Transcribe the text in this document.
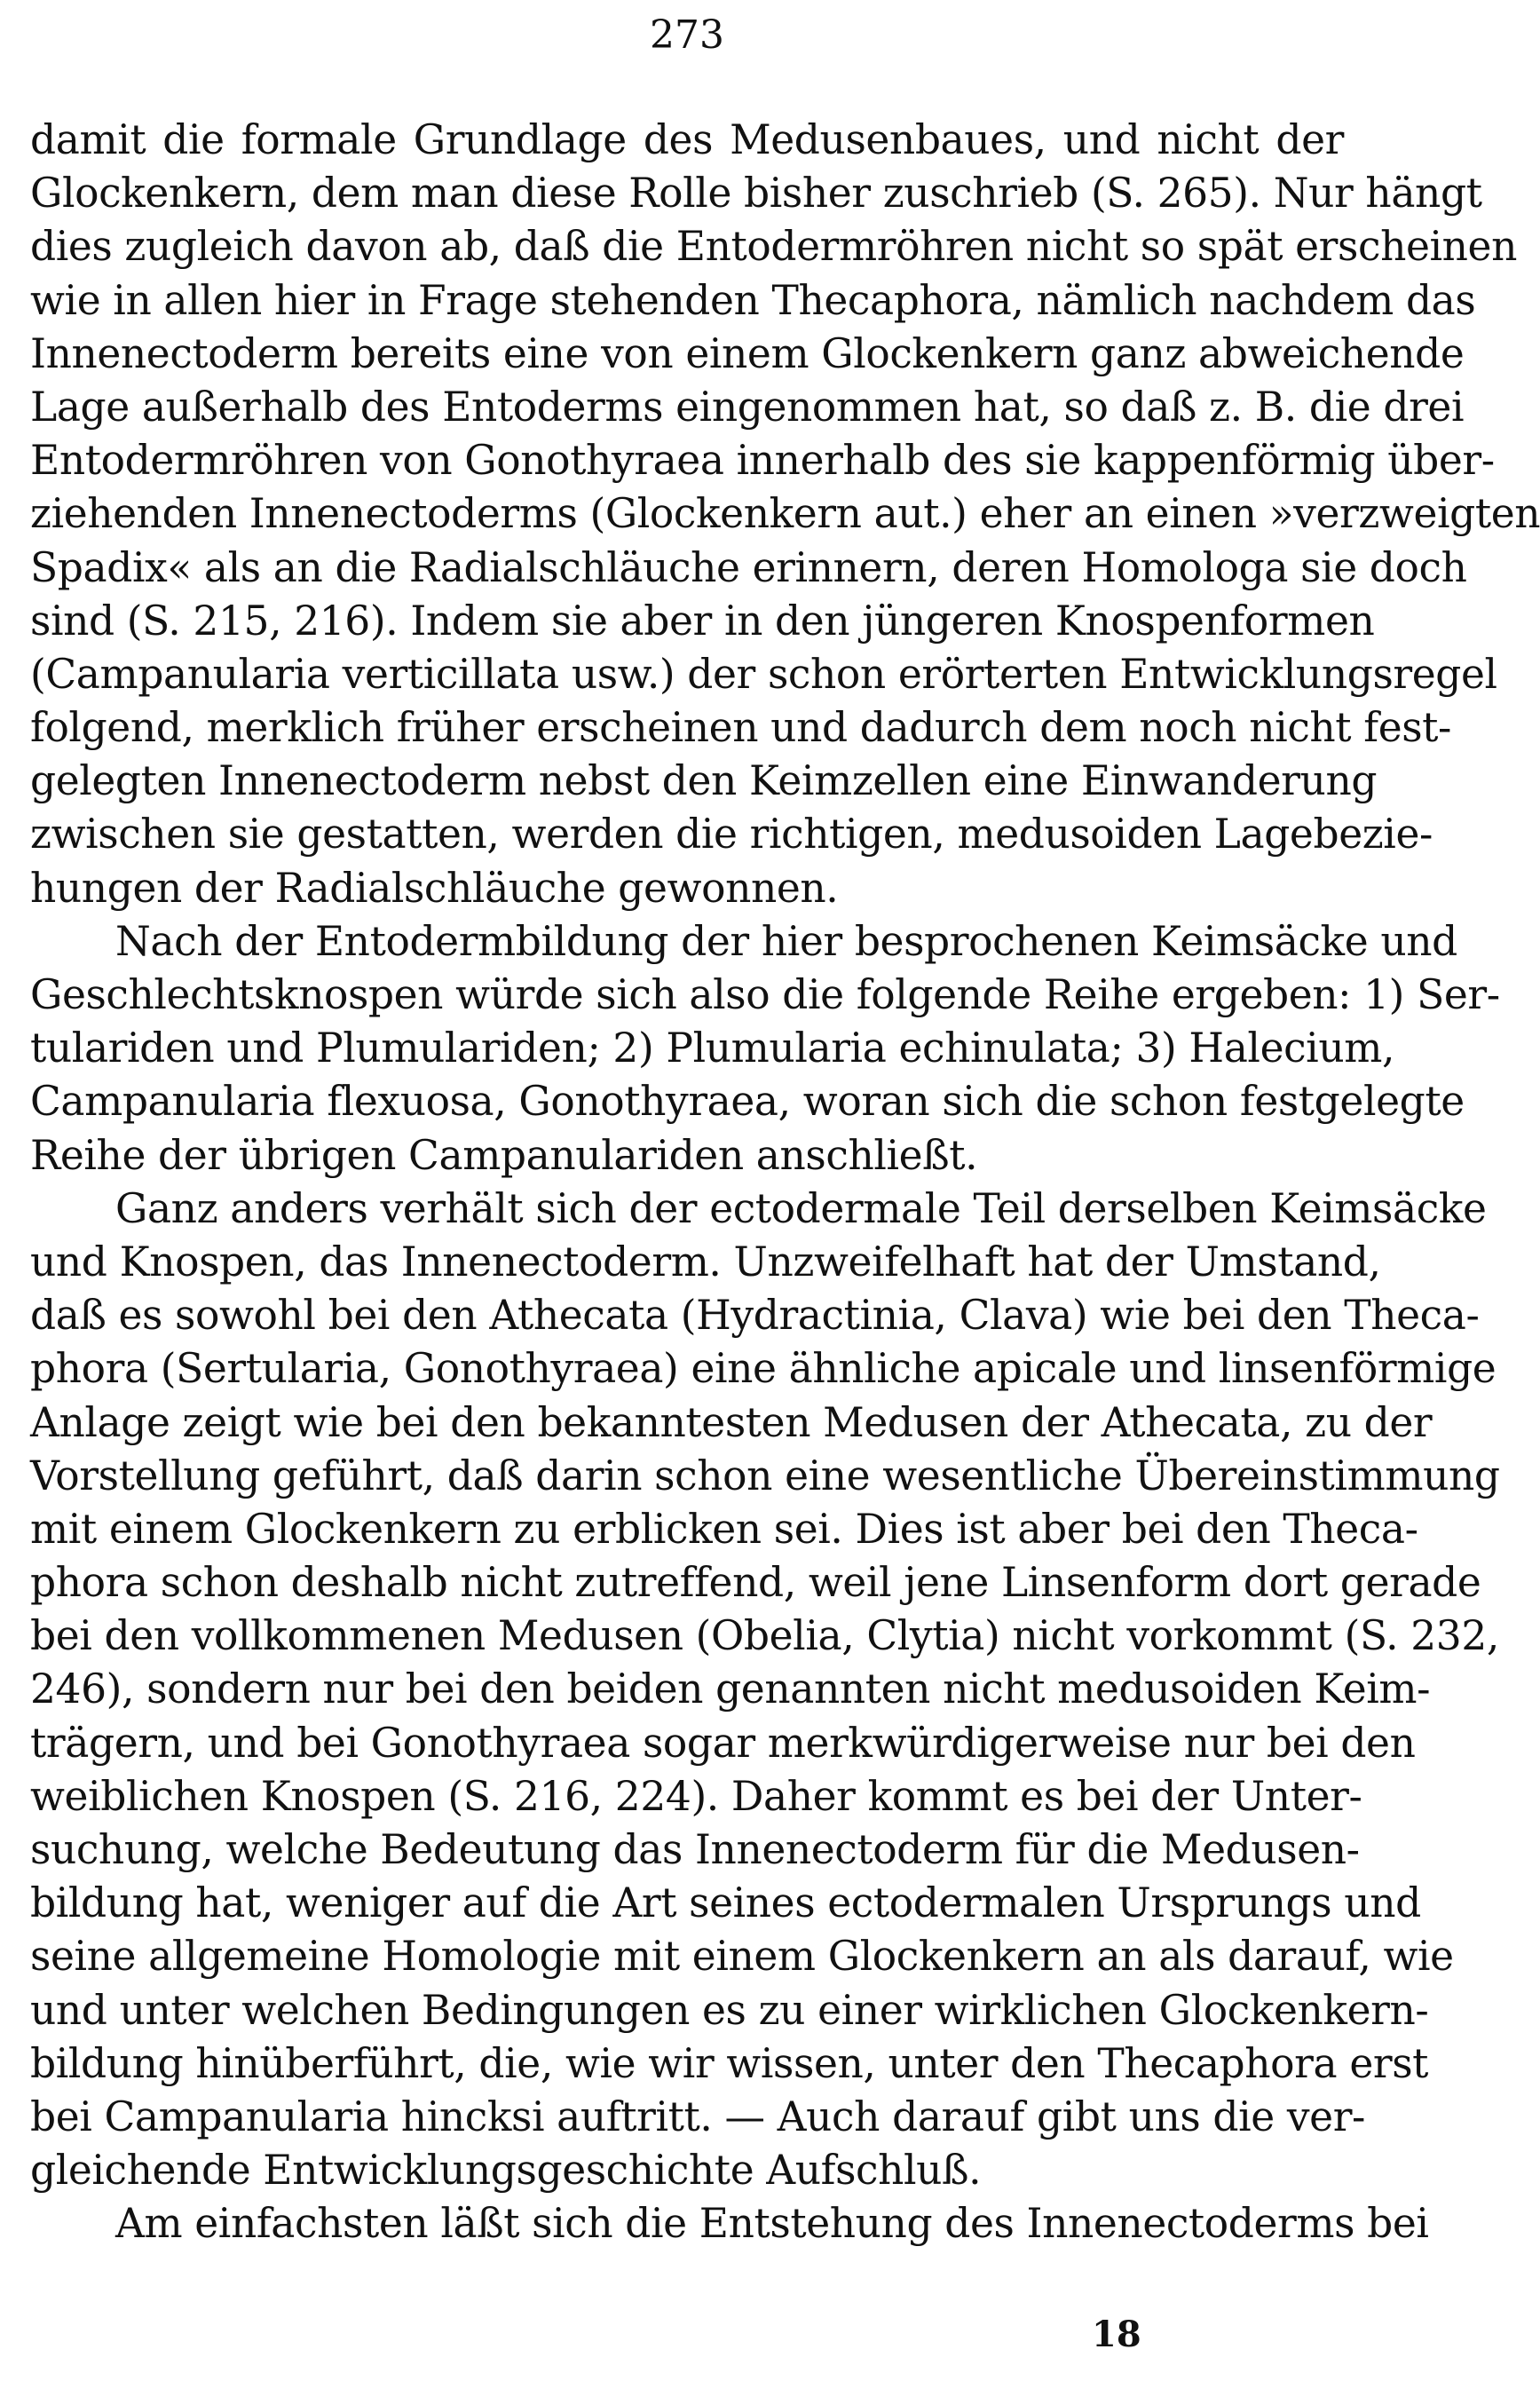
273
damit die formale Grundlage des Medusenbaues, und nicht der
Glockenkern, dem man diese Rolle bisher zuschrieb (S. 265). Nur hängt
dies zugleich davon ab, daß die Entodermröhren nicht so spät erscheinen
wie in allen hier in Frage stehenden Thecaphora, nämlich nachdem das
Innenectoderm bereits eine von einem Glockenkern ganz abweichende
Lage außerhalb des Entoderms eingenommen hat, so daß z. B. die drei
Entodermröhren von Gonothyraea innerhalb des sie kappenförmig über-
ziehenden Innenectoderms (Glockenkern aut.) eher an einen »verzweigten
Spadix« als an die Radialschläuche erinnern, deren Homologa sie doch
sind (S. 215, 216). Indem sie aber in den jüngeren Knospenformen
(Campanularia verticillata usw.) der schon erörterten Entwicklungsregel
folgend, merklich früher erscheinen und dadurch dem noch nicht fest-
gelegten Innenectoderm nebst den Keimzellen eine Einwanderung
zwischen sie gestatten, werden die richtigen, medusoiden Lagebezie-
hungen der Radialschläuche gewonnen.
Nach der Entodermbildung der hier besprochenen Keimsäcke und
Geschlechtsknospen würde sich also die folgende Reihe ergeben: 1) Ser-
tulariden und Plumulariden; 2) Plumularia echinulata; 3) Halecium,
Campanularia flexuosa, Gonothyraea, woran sich die schon festgelegte
Reihe der übrigen Campanulariden anschließt.
Ganz anders verhält sich der ectodermale Teil derselben Keimsäcke
und Knospen, das Innenectoderm. Unzweifelhaft hat der Umstand,
daß es sowohl bei den Athecata (Hydractinia, Clava) wie bei den Theca-
phora (Sertularia, Gonothyraea) eine ähnliche apicale und linsenförmige
Anlage zeigt wie bei den bekanntesten Medusen der Athecata, zu der
Vorstellung geführt, daß darin schon eine wesentliche Übereinstimmung
mit einem Glockenkern zu erblicken sei. Dies ist aber bei den Theca-
phora schon deshalb nicht zutreffend, weil jene Linsenform dort gerade
bei den vollkommenen Medusen (Obelia, Clytia) nicht vorkommt (S. 232,
246), sondern nur bei den beiden genannten nicht medusoiden Keim-
trägern, und bei Gonothyraea sogar merkwürdigerweise nur bei den
weiblichen Knospen (S. 216, 224). Daher kommt es bei der Unter-
suchung, welche Bedeutung das Innenectoderm für die Medusen-
bildung hat, weniger auf die Art seines ectodermalen Ursprungs und
seine allgemeine Homologie mit einem Glockenkern an als darauf, wie
und unter welchen Bedingungen es zu einer wirklichen Glockenkern-
bildung hinüberführt, die, wie wir wissen, unter den Thecaphora erst
bei Campanularia hincksi auftritt. — Auch darauf gibt uns die ver-
gleichende Entwicklungsgeschichte Aufschluß.
Am einfachsten läßt sich die Entstehung des Innenectoderms bei
18
